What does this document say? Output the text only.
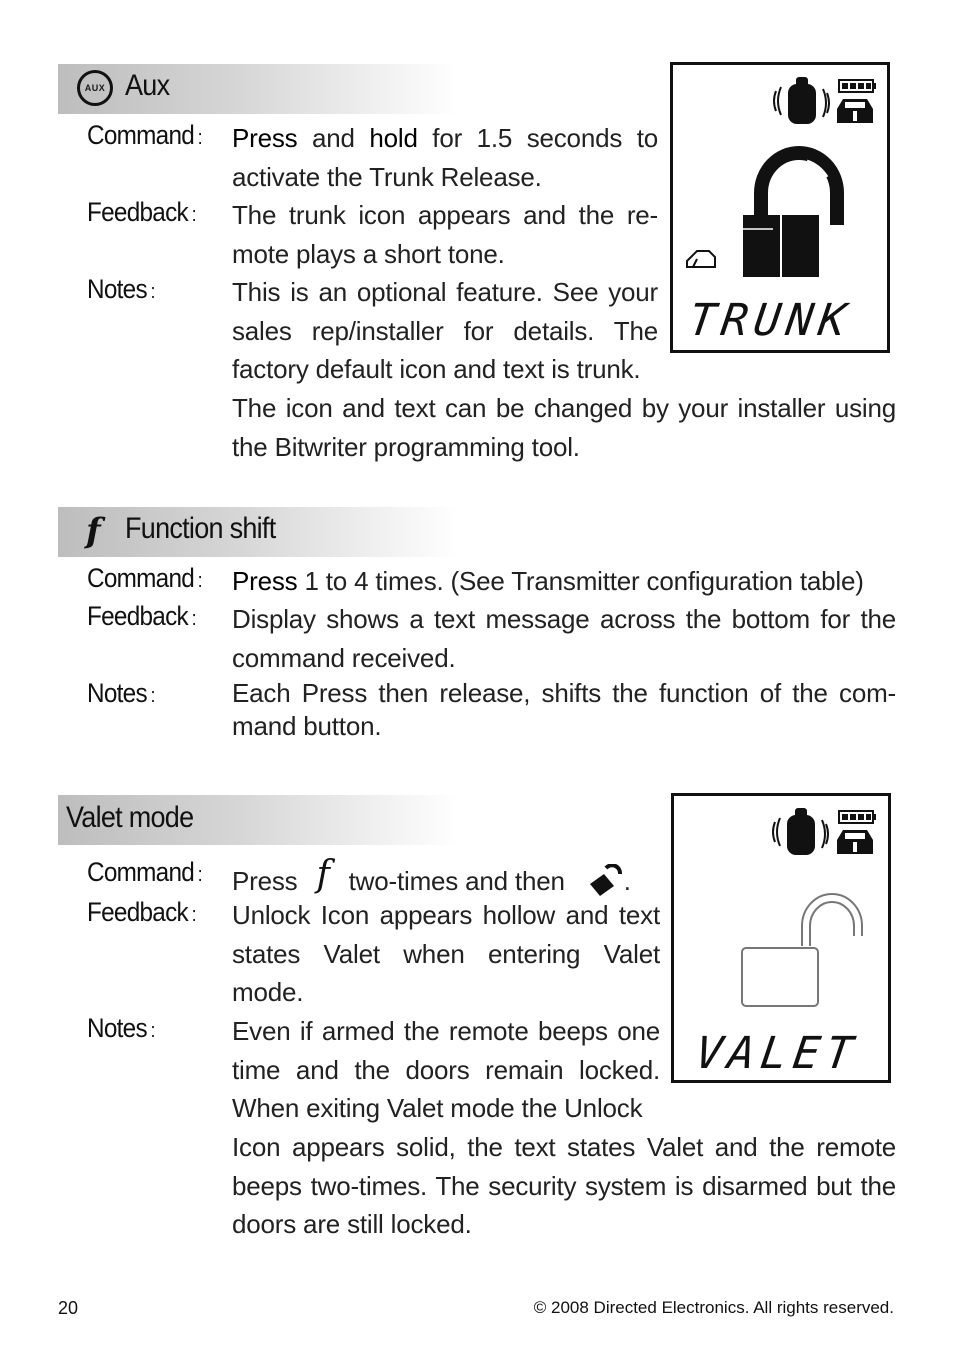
AUX Aux
Command : Press and hold for 1.5 seconds to activate the Trunk Release.
Feedback : The trunk icon appears and the re-mote plays a short tone.
Notes :	This is an optional feature. See your sales rep/installer for details. The factory default icon and text is trunk.
The icon and text can be changed by your installer using the Bitwriter programming tool.
TRUNK
f Function shift
Command : Press 1 to 4 times. (See Transmitter configuration table)
Feedback : Display shows a text message across the bottom for the command received.
Notes :	Each Press then release, shifts the function of the com-mand button.
Valet mode
Command : Press f two-times and then .
Feedback : Unlock Icon appears hollow and text states Valet when entering Valet mode.
Notes :	Even if armed the remote beeps one time and the doors remain locked. When exiting Valet mode the Unlock
Icon appears solid, the text states Valet and the remote beeps two-times. The security system is disarmed but the doors are still locked.
VALET
20	© 2008 Directed Electronics. All rights reserved.
